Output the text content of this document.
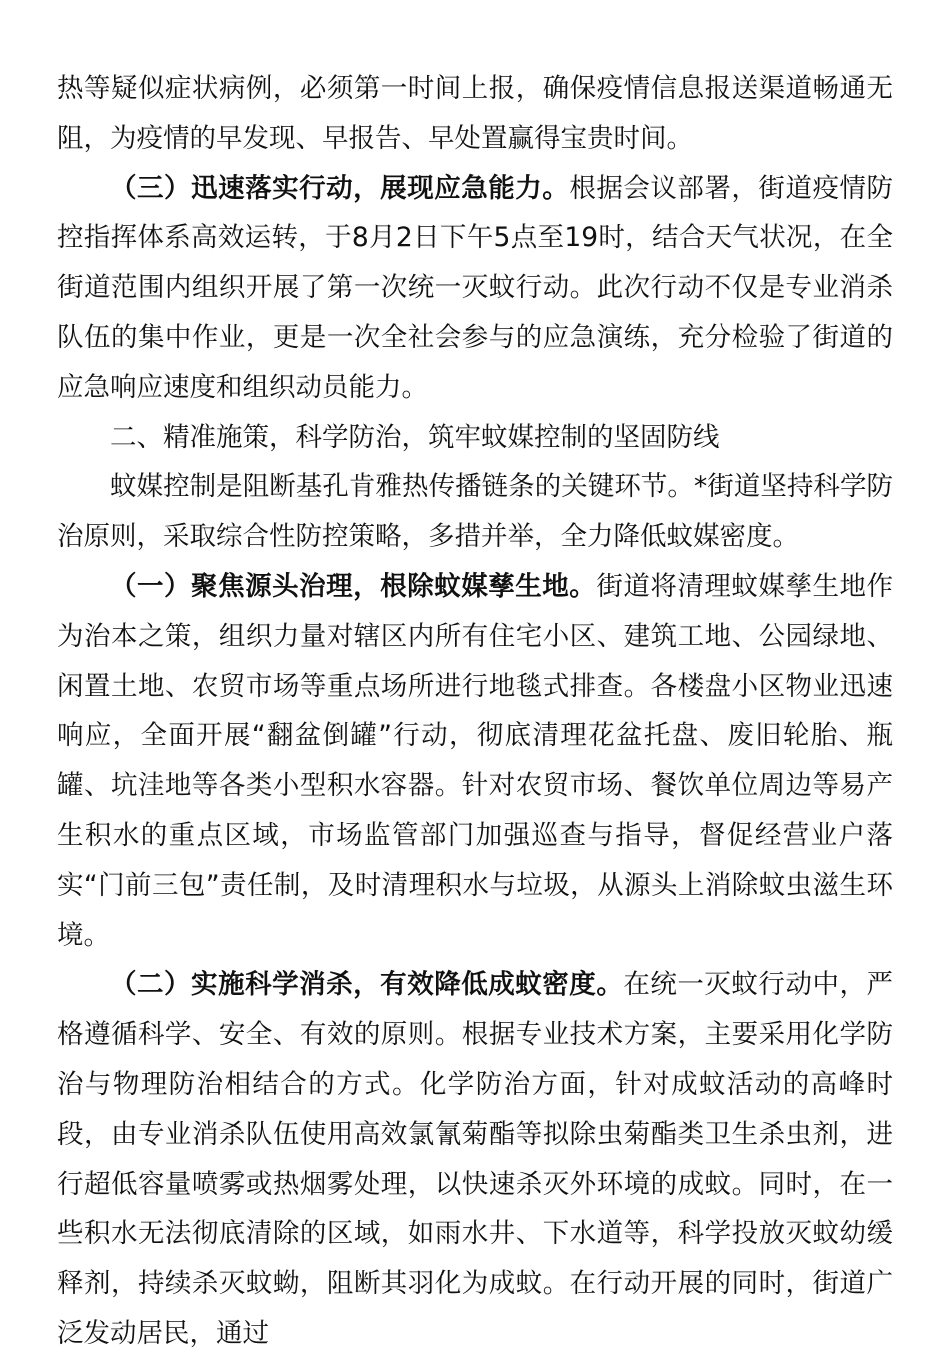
热等疑似症状病例，必须第一时间上报，确保疫情信息报送渠道畅通无阻，为疫情的早发现、早报告、早处置赢得宝贵时间。

（三）迅速落实行动，展现应急能力。根据会议部署，街道疫情防控指挥体系高效运转，于8月2日下午5点至19时，结合天气状况，在全街道范围内组织开展了第一次统一灭蚊行动。此次行动不仅是专业消杀队伍的集中作业，更是一次全社会参与的应急演练，充分检验了街道的应急响应速度和组织动员能力。

二、精准施策，科学防治，筑牢蚊媒控制的坚固防线

蚊媒控制是阻断基孔肯雅热传播链条的关键环节。*街道坚持科学防治原则，采取综合性防控策略，多措并举，全力降低蚊媒密度。

（一）聚焦源头治理，根除蚊媒孳生地。街道将清理蚊媒孳生地作为治本之策，组织力量对辖区内所有住宅小区、建筑工地、公园绿地、闲置土地、农贸市场等重点场所进行地毯式排查。各楼盘小区物业迅速响应，全面开展“翻盆倒罐”行动，彻底清理花盆托盘、废旧轮胎、瓶罐、坑洼地等各类小型积水容器。针对农贸市场、餐饮单位周边等易产生积水的重点区域，市场监管部门加强巡查与指导，督促经营业户落实“门前三包”责任制，及时清理积水与垃圾，从源头上消除蚊虫滋生环境。

（二）实施科学消杀，有效降低成蚊密度。在统一灭蚊行动中，严格遵循科学、安全、有效的原则。根据专业技术方案，主要采用化学防治与物理防治相结合的方式。化学防治方面，针对成蚊活动的高峰时段，由专业消杀队伍使用高效氯氰菊酯等拟除虫菊酯类卫生杀虫剂，进行超低容量喷雾或热烟雾处理，以快速杀灭外环境的成蚊。同时，在一些积水无法彻底清除的区域，如雨水井、下水道等，科学投放灭蚊幼缓释剂，持续杀灭蚊蚴，阻断其羽化为成蚊。在行动开展的同时，街道广泛发动居民，通过
